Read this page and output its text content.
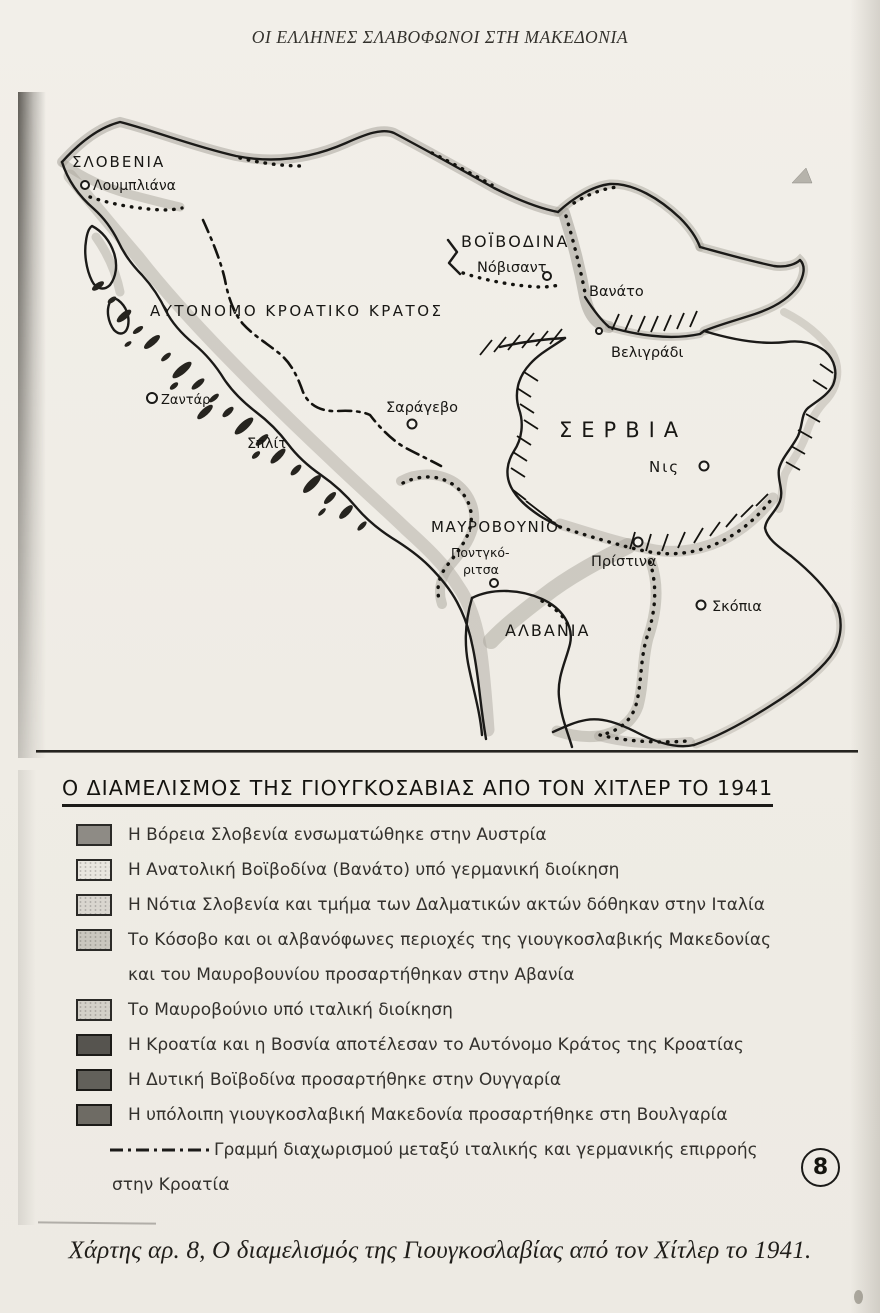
ΟΙ ΕΛΛΗΝΕΣ ΣΛΑΒΟΦΩΝΟΙ ΣΤΗ ΜΑΚΕΔΟΝΙΑ
ΣΛΟΒΕΝΙΑ
Λουμπλιάνα
ΒΟΪΒΟΔΙΝΑ
Νόβισαντ
Βανάτο
ΑΥΤΟΝΟΜΟ ΚΡΟΑΤΙΚΟ ΚΡΑΤΟΣ
Βελιγράδι
Σαράγεβο
ΣΕΡΒΙΑ
Νις
Ζαντάρ
Σπλίτ
ΜΑΥΡΟΒΟΥΝΙΟ
Ποντγκό-
ριτσα	Πρίστινα
ΑΛΒΑΝΙΑ
Σκόπια
Ο ΔΙΑΜΕΛΙΣΜΟΣ ΤΗΣ ΓΙΟΥΓΚΟΣΑΒΙΑΣ ΑΠΟ ΤΟΝ ΧΙΤΛΕΡ ΤΟ 1941
Η Βόρεια Σλοβενία ενσωματώθηκε στην Αυστρία
Η Ανατολική Βοϊβοδίνα (Βανάτο) υπό γερμανική διοίκηση
Η Νότια Σλοβενία και τμήμα των Δαλματικών ακτών δόθηκαν στην Ιταλία
Το Κόσοβο και οι αλβανόφωνες περιοχές της γιουγκοσλαβικής Μακεδονίας
και του Μαυροβουνίου προσαρτήθηκαν στην Αβανία
Το Μαυροβούνιο υπό ιταλική διοίκηση
Η Κροατία και η Βοσνία αποτέλεσαν το Αυτόνομο Κράτος της Κροατίας
Η Δυτική Βοϊβοδίνα προσαρτήθηκε στην Ουγγαρία
Η υπόλοιπη γιουγκοσλαβική Μακεδονία προσαρτήθηκε στη Βουλγαρία
Γραμμή διαχωρισμού μεταξύ ιταλικής και γερμανικής επιρροής
στην Κροατία
8
Χάρτης αρ. 8, Ο διαμελισμός της Γιουγκοσλαβίας από τον Χίτλερ το 1941.
